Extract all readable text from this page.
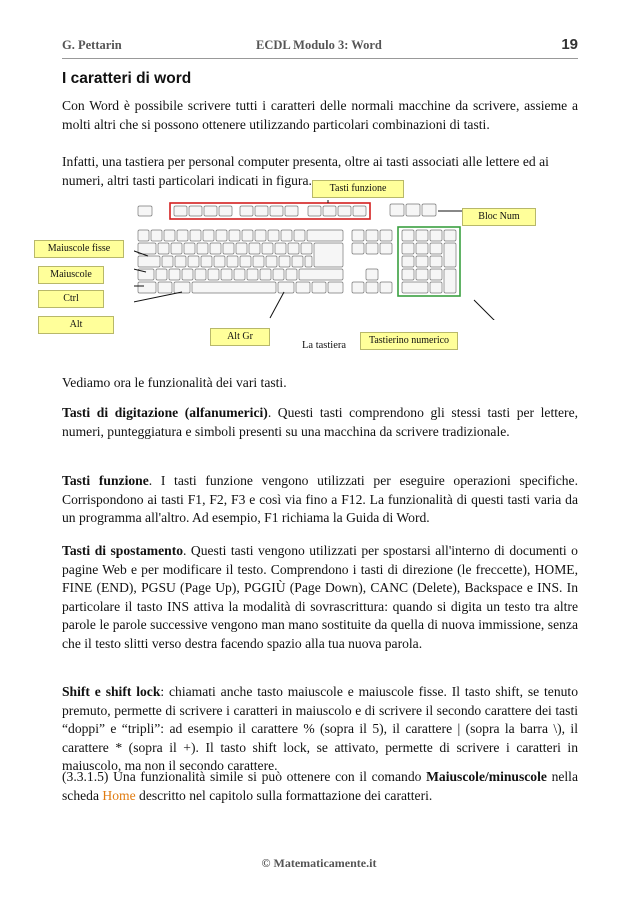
G. Pettarin	ECDL Modulo 3: Word	19
I caratteri di word

Con Word è possibile scrivere tutti i caratteri delle normali macchine da scrivere, assieme a molti altri che si possono ottenere utilizzando particolari combinazioni di tasti.

Infatti, una tastiera per personal computer presenta, oltre ai tasti associati alle lettere ed ai numeri, altri tasti particolari indicati in figura.

Tasti funzione
Bloc Num
Maiuscole fisse
Maiuscole
Ctrl
Alt
Alt Gr
La tastiera	Tastierino numerico

Vediamo ora le funzionalità dei vari tasti.

Tasti di digitazione (alfanumerici). Questi tasti comprendono gli stessi tasti per lettere, numeri, punteggiatura e simboli presenti su una macchina da scrivere tradizionale.

Tasti funzione. I tasti funzione vengono utilizzati per eseguire operazioni specifiche. Corrispondono ai tasti F1, F2, F3 e così via fino a F12. La funzionalità di questi tasti varia da un programma all'altro. Ad esempio, F1 richiama la Guida di Word.

Tasti di spostamento. Questi tasti vengono utilizzati per spostarsi all'interno di documenti o pagine Web e per modificare il testo. Comprendono i tasti di direzione (le freccette), HOME, FINE (END), PGSU (Page Up), PGGIÙ (Page Down), CANC (Delete), Backspace e INS. In particolare il tasto INS attiva la modalità di sovrascrittura: quando si digita un testo tra altre parole le parole successive vengono man mano sostituite da quella di nuova immissione, senza che il testo slitti verso destra facendo spazio alla tua nuova parola.

Shift e shift lock: chiamati anche tasto maiuscole e maiuscole fisse. Il tasto shift, se tenuto premuto, permette di scrivere i caratteri in maiuscolo e di scrivere il secondo carattere dei tasti “doppi” e “tripli”: ad esempio il carattere % (sopra il 5), il carattere | (sopra la barra \), il carattere * (sopra il +). Il tasto shift lock, se attivato, permette di scrivere i caratteri in maiuscolo, ma non il secondo carattere.

(3.3.1.5) Una funzionalità simile si può ottenere con il comando Maiuscole/minuscole nella scheda Home descritto nel capitolo sulla formattazione dei caratteri.

© Matematicamente.it
